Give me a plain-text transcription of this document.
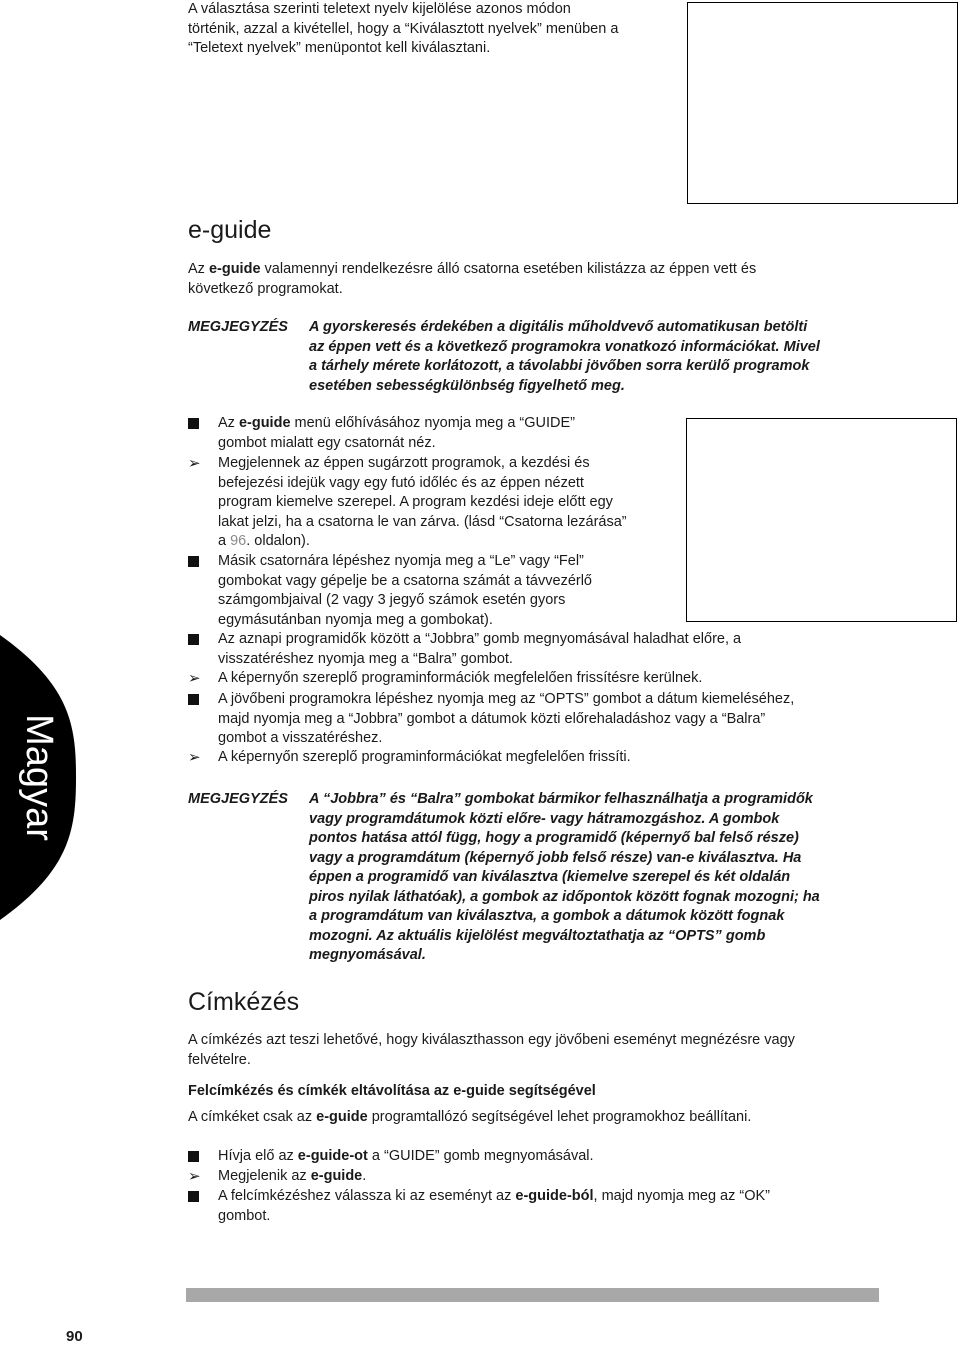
A választása szerinti teletext nyelv kijelölése azonos módon

történik, azzal a kivétellel, hogy a “Kiválasztott nyelvek” menüben a

“Teletext nyelvek” menüpontot kell kiválasztani.

e-guide

Az e-guide valamennyi rendelkezésre álló csatorna esetében kilistázza az éppen vett és

következő programokat.

MEGJEGYZÉS A gyorskeresés érdekében a digitális műholdvevő automatikusan betölti

az éppen vett és a következő programokra vonatkozó információkat. Mivel

a tárhely mérete korlátozott, a távolabbi jövőben sorra kerülő programok

esetében sebességkülönbség figyelhető meg.

Az e-guide menü előhívásához nyomja meg a “GUIDE”

gombot mialatt egy csatornát néz.

➢ Megjelennek az éppen sugárzott programok, a kezdési és

befejezési idejük vagy egy futó időléc és az éppen nézett

program kiemelve szerepel. A program kezdési ideje előtt egy

lakat jelzi, ha a csatorna le van zárva. (lásd “Csatorna lezárása”

a 96. oldalon).

Másik csatornára lépéshez nyomja meg a “Le” vagy “Fel”

gombokat vagy gépelje be a csatorna számát a távvezérlő

számgombjaival (2 vagy 3 jegyő számok esetén gyors

egymásutánban nyomja meg a gombokat).

Az aznapi programidők között a “Jobbra” gomb megnyomásával haladhat előre, a

visszatéréshez nyomja meg a “Balra” gombot.

➢ A képernyőn szereplő programinformációk megfelelően frissítésre kerülnek.

A jövőbeni programokra lépéshez nyomja meg az “OPTS” gombot a dátum kiemeléséhez,

majd nyomja meg a “Jobbra” gombot a dátumok közti előrehaladáshoz vagy a “Balra”

gombot a visszatéréshez.

➢ A képernyőn szereplő programinformációkat megfelelően frissíti.

MEGJEGYZÉS A “Jobbra” és “Balra” gombokat bármikor felhasználhatja a programidők

vagy programdátumok közti előre- vagy hátramozgáshoz. A gombok

pontos hatása attól függ, hogy a programidő (képernyő bal felső része)

vagy a programdátum (képernyő jobb felső része) van-e kiválasztva. Ha

éppen a programidő van kiválasztva (kiemelve szerepel és két oldalán

piros nyilak láthatóak), a gombok az időpontok között fognak mozogni; ha

a programdátum van kiválasztva, a gombok a dátumok között fognak

mozogni. Az aktuális kijelölést megváltoztathatja az “OPTS” gomb

megnyomásával.

Címkézés

A címkézés azt teszi lehetővé, hogy kiválaszthasson egy jövőbeni eseményt megnézésre vagy

felvételre.

Felcímkézés és címkék eltávolítása az e-guide segítségével

A címkéket csak az e-guide programtallózó segítségével lehet programokhoz beállítani.

Hívja elő az e-guide-ot a “GUIDE” gomb megnyomásával.

➢ Megjelenik az e-guide.

A felcímkézéshez válassza ki az eseményt az e-guide-ból, majd nyomja meg az “OK”

gombot.

Magyar
90
